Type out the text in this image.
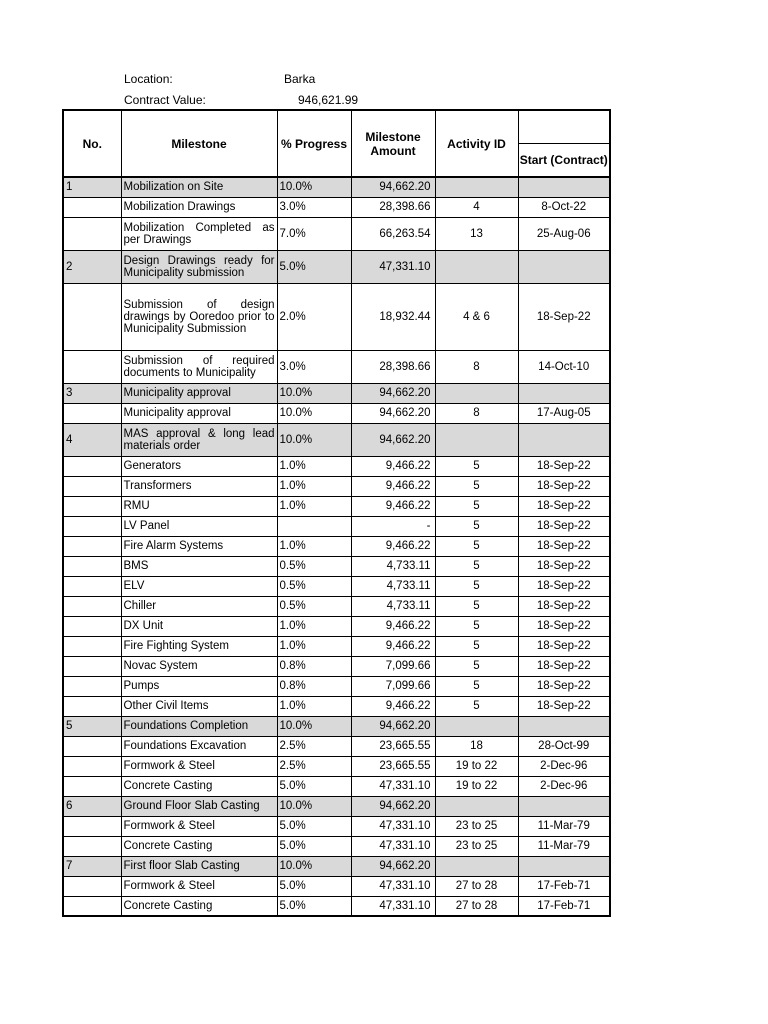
Location:	Barka
Contract Value:	946,621.99
No.	Milestone	% Progress	Milestone Amount	Activity ID	Start (Contract)

1	Mobilization on Site	10.0%	94,662.20		
	Mobilization Drawings	3.0%	28,398.66	4	8-Oct-22
	Mobilization Completed as per Drawings	7.0%	66,263.54	13	25-Aug-06
2	Design Drawings ready for Municipality submission	5.0%	47,331.10		
	Submission of design drawings by Ooredoo prior to Municipality Submission	2.0%	18,932.44	4 & 6	18-Sep-22
	Submission of required documents to Municipality	3.0%	28,398.66	8	14-Oct-10
3	Municipality approval	10.0%	94,662.20		
	Municipality approval	10.0%	94,662.20	8	17-Aug-05
4	MAS approval & long lead materials order	10.0%	94,662.20		
	Generators	1.0%	9,466.22	5	18-Sep-22
	Transformers	1.0%	9,466.22	5	18-Sep-22
	RMU	1.0%	9,466.22	5	18-Sep-22
	LV Panel		-	5	18-Sep-22
	Fire Alarm Systems	1.0%	9,466.22	5	18-Sep-22
	BMS	0.5%	4,733.11	5	18-Sep-22
	ELV	0.5%	4,733.11	5	18-Sep-22
	Chiller	0.5%	4,733.11	5	18-Sep-22
	DX Unit	1.0%	9,466.22	5	18-Sep-22
	Fire Fighting System	1.0%	9,466.22	5	18-Sep-22
	Novac System	0.8%	7,099.66	5	18-Sep-22
	Pumps	0.8%	7,099.66	5	18-Sep-22
	Other Civil Items	1.0%	9,466.22	5	18-Sep-22
5	Foundations Completion	10.0%	94,662.20		
	Foundations Excavation	2.5%	23,665.55	18	28-Oct-99
	Formwork & Steel	2.5%	23,665.55	19 to 22	2-Dec-96
	Concrete Casting	5.0%	47,331.10	19 to 22	2-Dec-96
6	Ground Floor Slab Casting	10.0%	94,662.20		
	Formwork & Steel	5.0%	47,331.10	23 to 25	11-Mar-79
	Concrete Casting	5.0%	47,331.10	23 to 25	11-Mar-79
7	First floor Slab Casting	10.0%	94,662.20		
	Formwork & Steel	5.0%	47,331.10	27 to 28	17-Feb-71
	Concrete Casting	5.0%	47,331.10	27 to 28	17-Feb-71
